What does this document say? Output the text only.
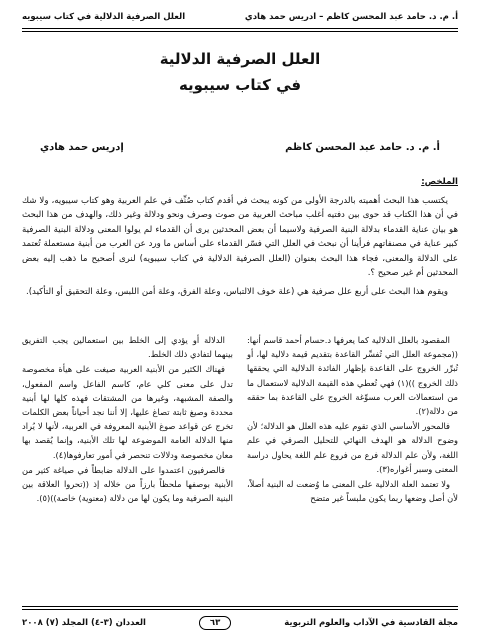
أ. م. د. حامد عبد المحسن كاظم – ادريس حمد هادي
العلل الصرفية الدلالية في كتاب سيبويه
العلل الصرفية الدلالية
في كتاب سيبويه
أ. م. د. حامد عبد المحسن كاظم
إدريس حمد هادي

الملخص:

يكتسب هذا البحث أهميته بالدرجة الأولى من كونه يبحث في أقدم كتاب صُنِّف في علم العربية وهو كتاب سيبويه، ولا شك في أن هذا الكتاب قد حوى بين دفتيه أغلب مباحث العربية من صوت وصرف ونحو ودلالة وغير ذلك، والهدف من هذا البحث هو بيان عناية القدماء بدلالة البنية الصرفية ولاسيما أن بعض المحدثين يرى أن القدماء لم يولوا المعنى ودلالة البنية الصرفية كبير عناية في مصنفاتهم فرأينا أن نبحث في العلل التي فسّر القدماء على أساس ما ورد عن العرب من أبنية مستعملة تُعتمد على الدلالة والمعنى، فجاء هذا البحث بعنوان (العلل الصرفية الدلالية في كتاب سيبويه) لنرى أصحيح ما ذهب إليه بعض المحدثين أم غير صحيح ؟.

ويقوم هذا البحث على أربع علل صرفية هي (علة خوف الالتباس، وعلة الفرق، وعلة أمن اللبس، وعلة التحقيق أو التأكيد).

المقصود بالعلل الدلالية كما يعرفها د.حسام أحمد قاسم أنها: ((مجموعة العلل التي تُفسِّر القاعدة بتقديم قيمة دلالية لها، أو تُبرِّر الخروج على القاعدة بإظهار الفائدة الدلالية التي يحققها ذلك الخروج ))(١) فهي تُعطي هذه القيمة الدلالية لاستعمال ما من استعمالات العرب مسوِّغة الخروج على القاعدة بما حققه من دلالة(٢).

فالمحور الأساسي الذي تقوم عليه هذه العلل هو الدلالة؛ لأن وضوح الدلالة هو الهدف النهائي للتحليل الصرفي في علم اللغة، ولأن علم الدلالة فرع من فروع علم اللغة يحاول دراسة المعنى وسبر أغواره(٣).

ولا تعتمد العلة الدلالية على المعنى ما وُضعت له البنية أصلاً، لأن أصل وضعها ربما يكون ملبساً غير متضح

الدلالة أو يؤدي إلى الخلط بين استعمالين يجب التفريق بينهما لتفادي ذلك الخلط.

فهناك الكثير من الأبنية العربية صيغت على هيأة مخصوصة تدل على معنى كلي عام، كاسم الفاعل واسم المفعول، والصفة المشبهة، وغيرها من المشتقات فهذه كلها لها أبنية محددة وصيغ ثابتة تصاغ عليها، إلا أننا نجد أحياناً بعض الكلمات تخرج عن قواعد صوغ الأبنية المعروفة في العربية، لأنها لا يُراد منها الدلالة العامة الموضوعة لها تلك الأبنية، وإنما يُقصد بها معان مخصوصة ودلالات تنحصر في أمور تعارفوها(٤).

فالصرفيون اعتمدوا على الدلالة ضابطاً في صياغة كثير من الأبنية بوصفها ملحظاً بارزاً من خلاله إذ ((تحروا العلاقة بين البنية الصرفية وما يكون لها من دلالة (معنوية) خاصة))(٥).

مجلة القادسية في الآداب والعلوم التربوية
٦٣
العددان (٣-٤) المجلد (٧) ٢٠٠٨
